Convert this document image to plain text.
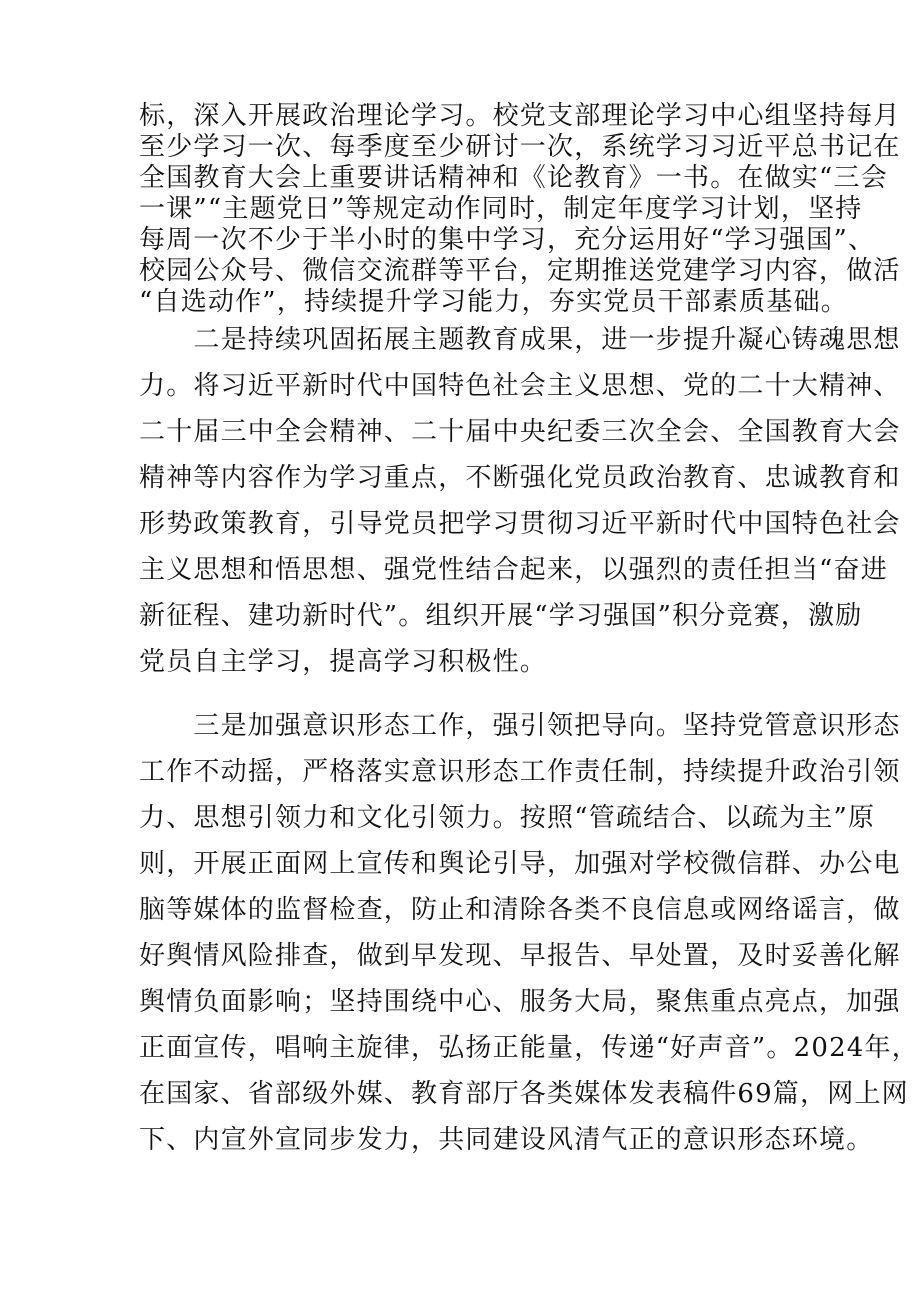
标，深入开展政治理论学习。校党支部理论学习中心组坚持每月
至少学习一次、每季度至少研讨一次，系统学习习近平总书记在
全国教育大会上重要讲话精神和《论教育》一书。在做实“三会
一课”“主题党日”等规定动作同时，制定年度学习计划，坚持
每周一次不少于半小时的集中学习，充分运用好“学习强国”、
校园公众号、微信交流群等平台，定期推送党建学习内容，做活
“自选动作”，持续提升学习能力，夯实党员干部素质基础。
　　二是持续巩固拓展主题教育成果，进一步提升凝心铸魂思想
力。将习近平新时代中国特色社会主义思想、党的二十大精神、
二十届三中全会精神、二十届中央纪委三次全会、全国教育大会
精神等内容作为学习重点，不断强化党员政治教育、忠诚教育和
形势政策教育，引导党员把学习贯彻习近平新时代中国特色社会
主义思想和悟思想、强党性结合起来，以强烈的责任担当“奋进
新征程、建功新时代”。组织开展“学习强国”积分竞赛，激励
党员自主学习，提高学习积极性。
　　三是加强意识形态工作，强引领把导向。坚持党管意识形态
工作不动摇，严格落实意识形态工作责任制，持续提升政治引领
力、思想引领力和文化引领力。按照“管疏结合、以疏为主”原
则，开展正面网上宣传和舆论引导，加强对学校微信群、办公电
脑等媒体的监督检查，防止和清除各类不良信息或网络谣言，做
好舆情风险排查，做到早发现、早报告、早处置，及时妥善化解
舆情负面影响；坚持围绕中心、服务大局，聚焦重点亮点，加强
正面宣传，唱响主旋律，弘扬正能量，传递“好声音”。2024年，
在国家、省部级外媒、教育部厅各类媒体发表稿件69篇，网上网
下、内宣外宣同步发力，共同建设风清气正的意识形态环境。
